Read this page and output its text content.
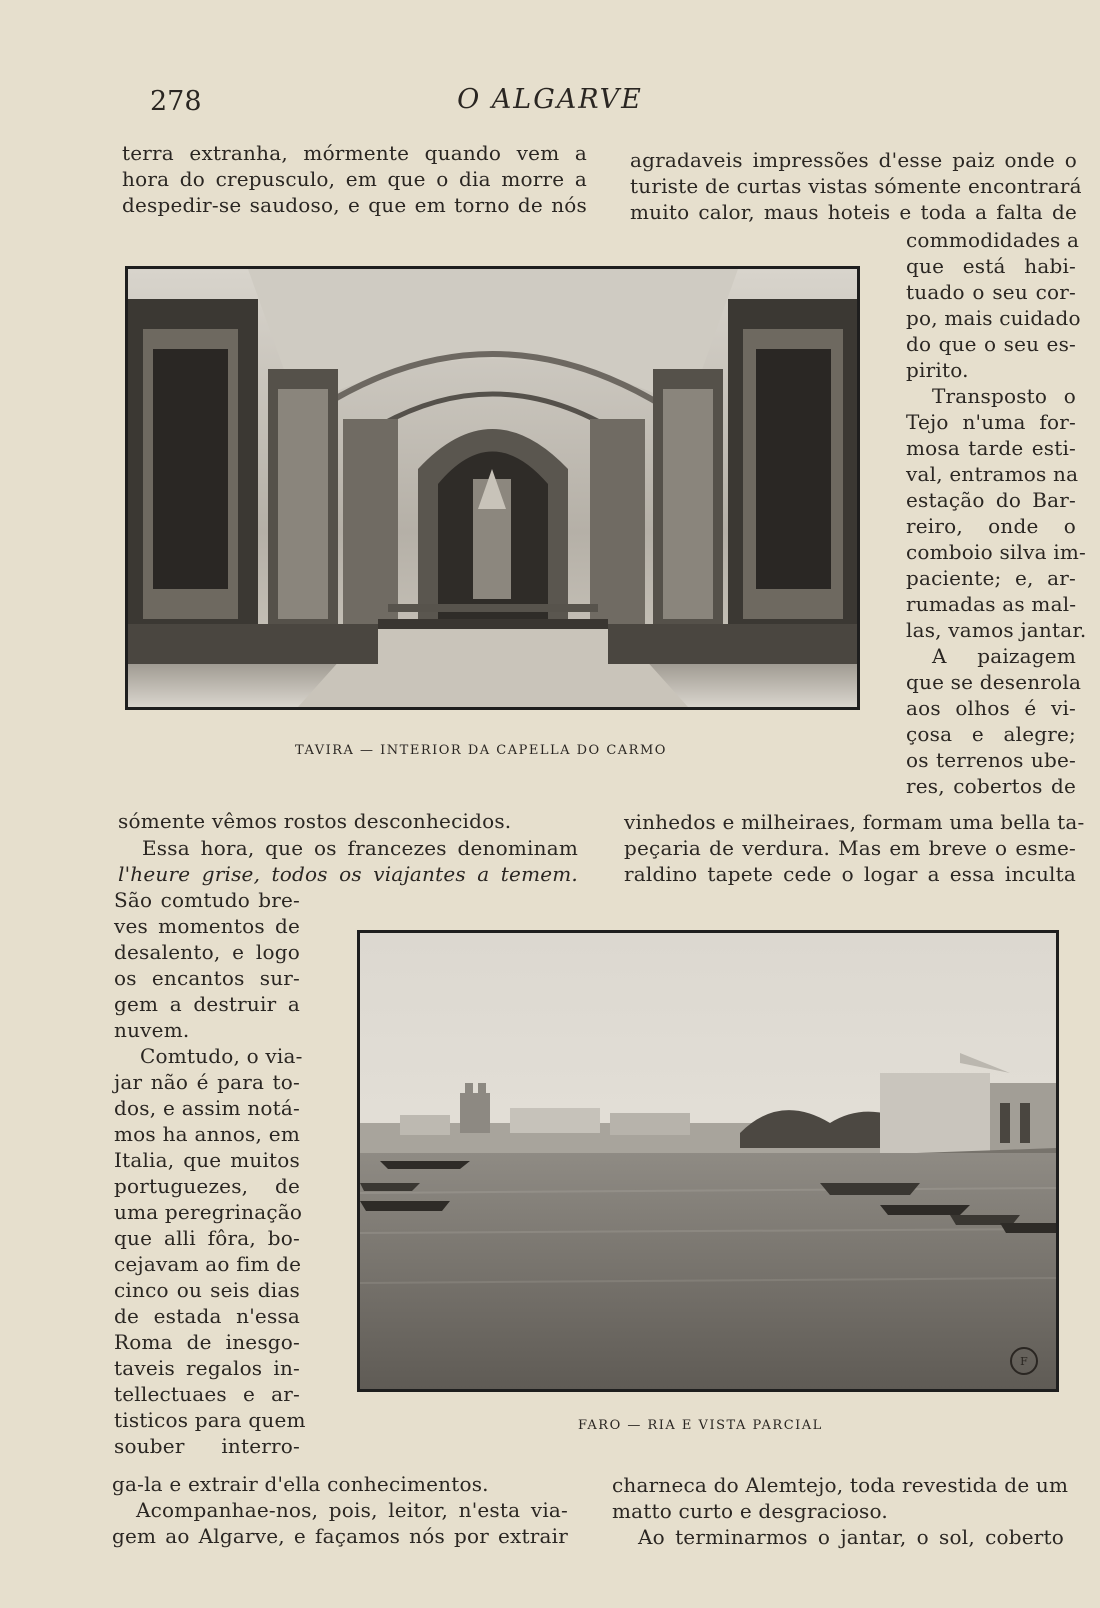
278	O ALGARVE
terra extranha, mórmente quando vem a
hora do crepusculo, em que o dia morre a
despedir-se saudoso, e que em torno de nós
agradaveis impressões d'esse paiz onde o
turiste de curtas vistas sómente encontrará
muito calor, maus hoteis e toda a falta de
commodidades a
que está habi-
tuado o seu cor-
po, mais cuidado
do que o seu es-
pirito.
Transposto o
Tejo n'uma for-
mosa tarde esti-
val, entramos na
estação do Bar-
reiro, onde o
comboio silva im-
paciente; e, ar-
rumadas as mal-
las, vamos jantar.
A paizagem
que se desenrola
aos olhos é vi-
çosa e alegre;
os terrenos ube-
res, cobertos de
TAVIRA — INTERIOR DA CAPELLA DO CARMO
sómente vêmos rostos desconhecidos.
Essa hora, que os francezes denominam
l'heure grise, todos os viajantes a temem.
vinhedos e milheiraes, formam uma bella ta-
peçaria de verdura. Mas em breve o esme-
raldino tapete cede o logar a essa inculta
São comtudo bre-
ves momentos de
desalento, e logo
os encantos sur-
gem a destruir a
nuvem.
Comtudo, o via-
jar não é para to-
dos, e assim notá-
mos ha annos, em
Italia, que muitos
portuguezes, de
uma peregrinação
que alli fôra, bo-
cejavam ao fim de
cinco ou seis dias
de estada n'essa
Roma de inesgo-
taveis regalos in-
tellectuaes e ar-
tisticos para quem
souber interro-
F
FARO — RIA E VISTA PARCIAL
ga-la e extrair d'ella conhecimentos.
Acompanhae-nos, pois, leitor, n'esta via-
gem ao Algarve, e façamos nós por extrair
charneca do Alemtejo, toda revestida de um
matto curto e desgracioso.
Ao terminarmos o jantar, o sol, coberto
